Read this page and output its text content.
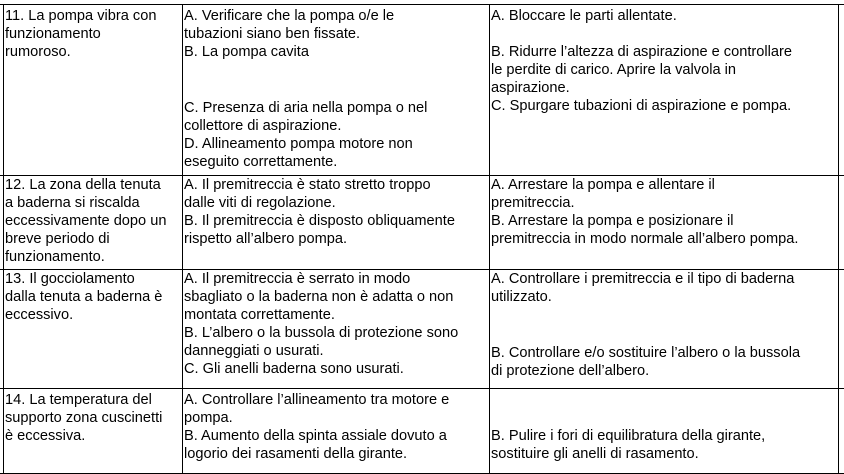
11. La pompa vibra con
funzionamento
rumoroso.
A. Verificare che la pompa o/e le
tubazioni siano ben fissate.
B. La pompa cavita
C. Presenza di aria nella pompa o nel
collettore di aspirazione.
D. Allineamento pompa motore non
eseguito correttamente.
A. Bloccare le parti allentate.
B. Ridurre l’altezza di aspirazione e controllare
le perdite di carico. Aprire la valvola in
aspirazione.
C. Spurgare tubazioni di aspirazione e pompa.
12. La zona della tenuta
a baderna si riscalda
eccessivamente dopo un
breve periodo di
funzionamento.
A. Il premitreccia è stato stretto troppo
dalle viti di regolazione.
B. Il premitreccia è disposto obliquamente
rispetto all’albero pompa.
A. Arrestare la pompa e allentare il
premitreccia.
B. Arrestare la pompa e posizionare il
premitreccia in modo normale all’albero pompa.
13. Il gocciolamento
dalla tenuta a baderna è
eccessivo.
A. Il premitreccia è serrato in modo
sbagliato o la baderna non è adatta o non
montata correttamente.
B. L’albero o la bussola di protezione sono
danneggiati o usurati.
C. Gli anelli baderna sono usurati.
A. Controllare i premitreccia e il tipo di baderna
utilizzato.
B. Controllare e/o sostituire l’albero o la bussola
di protezione dell’albero.
14. La temperatura del
supporto zona cuscinetti
è eccessiva.
A. Controllare l’allineamento tra motore e
pompa.
B. Aumento della spinta assiale dovuto a
logorio dei rasamenti della girante.
B. Pulire i fori di equilibratura della girante,
sostituire gli anelli di rasamento.
